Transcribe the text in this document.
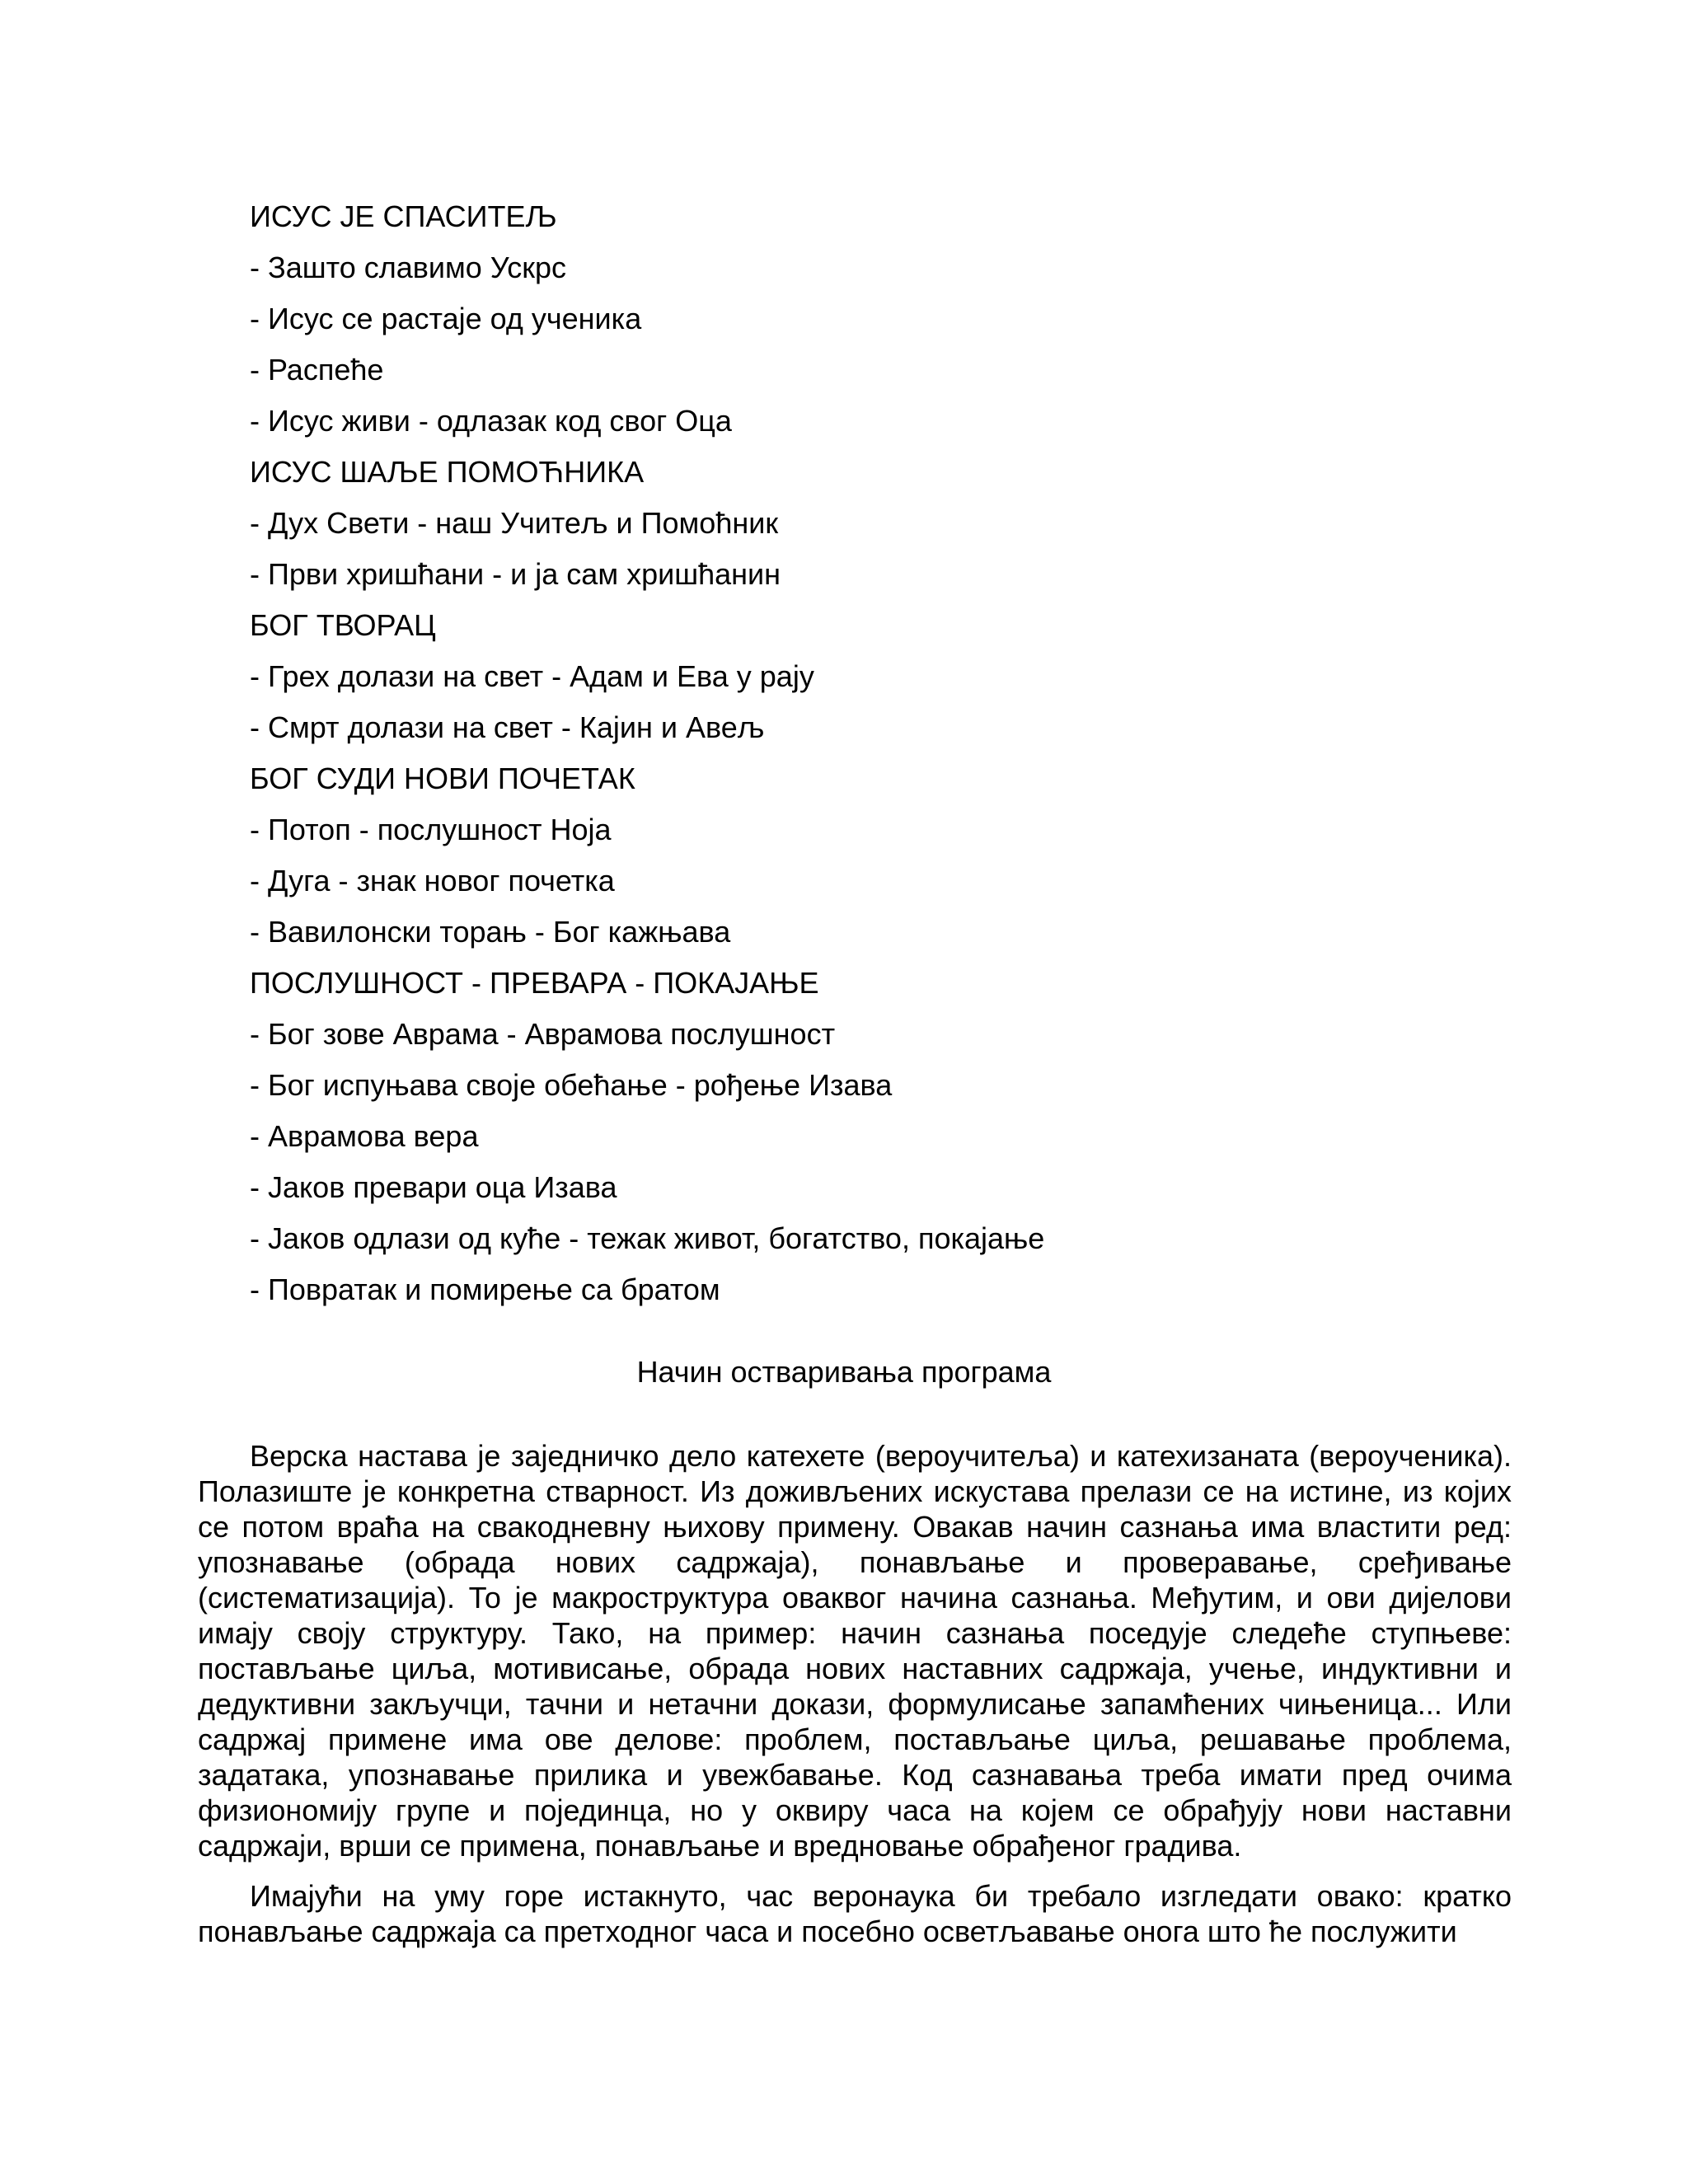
ИСУС ЈЕ СПАСИТЕЉ
- Зашто славимо Ускрс
- Исус се растаје од ученика
- Распеће
- Исус живи - одлазак код свог Оца
ИСУС ШАЉЕ ПОМОЋНИКА
- Дух Свети - наш Учитељ и Помоћник
- Први хришћани - и ја сам хришћанин
БОГ ТВОРАЦ
- Грех долази на свет - Адам и Ева у рају
- Смрт долази на свет - Кајин и Авељ
БОГ СУДИ НОВИ ПОЧЕТАК
- Потоп - послушност Ноја
- Дуга - знак новог почетка
- Вавилонски торањ - Бог кажњава
ПОСЛУШНОСТ - ПРЕВАРА - ПОКАЈАЊЕ
- Бог зове Аврама - Аврамова послушност
- Бог испуњава своје обећање - рођење Изава
- Аврамова вера
- Јаков превари оца Изава
- Јаков одлази од куће - тежак живот, богатство, покајање
- Повратак и помирење са братом
Начин остваривања програма

Верска настава је заједничко дело катехете (вероучитеља) и катехизаната (вероученика). Полазиште је конкретна стварност. Из доживљених искустава прелази се на истине, из којих се потом враћа на свакодневну њихову примену. Овакав начин сазнања има властити ред: упознавање (обрада нових садржаја), понављање и проверавање, срeђивање (систематизација). То је макроструктура оваквог начина сазнања. Међутим, и ови дијелови имају своју структуру. Тако, на пример: начин сазнања поседује следеће ступњеве: постављање циља, мотивисање, обрада нових наставних садржаја, учење, индуктивни и дедуктивни закључци, тачни и нетачни докази, формулисање запамћених чињеница... Или садржај примене има ове делове: проблем, постављање циља, решавање проблема, задатака, упознавање прилика и увежбавање. Код сазнавања треба имати пред очима физиономију групе и појединца, но у оквиру часа на којем се обрађују нови наставни садржаји, врши се примена, понављање и вредновање обрађеног градива.

Имајући на уму горе истакнуто, час веронаука би требало изгледати овако: кратко понављање садржаја са претходног часа и посебно осветљавање онога што ће послужити
